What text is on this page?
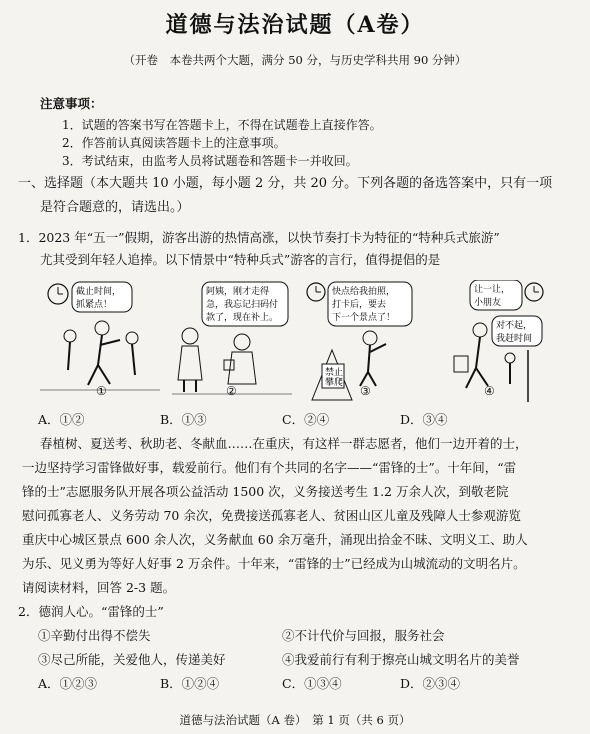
道德与法治试题（A卷）
（开卷　本卷共两个大题，满分 50 分，与历史学科共用 90 分钟）
注意事项：
1．试题的答案书写在答题卡上，不得在试题卷上直接作答。
2．作答前认真阅读答题卡上的注意事项。
3．考试结束，由监考人员将试题卷和答题卡一并收回。
一、选择题（本大题共 10 小题，每小题 2 分，共 20 分。下列各题的备选答案中，只有一项
是符合题意的，请选出。）
1．2023 年“五一”假期，游客出游的热情高涨，以快节奏打卡为特征的“特种兵式旅游”
尤其受到年轻人追捧。以下情景中“特种兵式”游客的言行，值得提倡的是
截止时间，
抓紧点！
①
阿姨，刚才走得
急，我忘记扫码付
款了，现在补上。
②
快点给我拍照，
打卡后，要去
下一个景点了！
禁止
攀爬
③
让一让，
小朋友
对不起，
我赶时间
④
A．①②	B．①③	C．②④	D．③④
春植树、夏送考、秋助老、冬献血……在重庆，有这样一群志愿者，他们一边开着的士，
一边坚持学习雷锋做好事，载爱前行。他们有个共同的名字——“雷锋的士”。十年间，“雷
锋的士”志愿服务队开展各项公益活动 1500 次，义务接送考生 1.2 万余人次，到敬老院
慰问孤寡老人、义务劳动 70 余次，免费接送孤寡老人、贫困山区儿童及残障人士参观游览
重庆中心城区景点 600 余人次，义务献血 60 余万毫升，涌现出拾金不昧、文明义工、助人
为乐、见义勇为等好人好事 2 万余件。十年来，“雷锋的士”已经成为山城流动的文明名片。
请阅读材料，回答 2-3 题。
2．德润人心。“雷锋的士”
①辛勤付出得不偿失	②不计代价与回报，服务社会
③尽己所能，关爱他人，传递美好	④我爱前行有利于擦亮山城文明名片的美誉
A．①②③	B．①②④	C．①③④	D．②③④
道德与法治试题（A 卷）　第 1 页（共 6 页）
